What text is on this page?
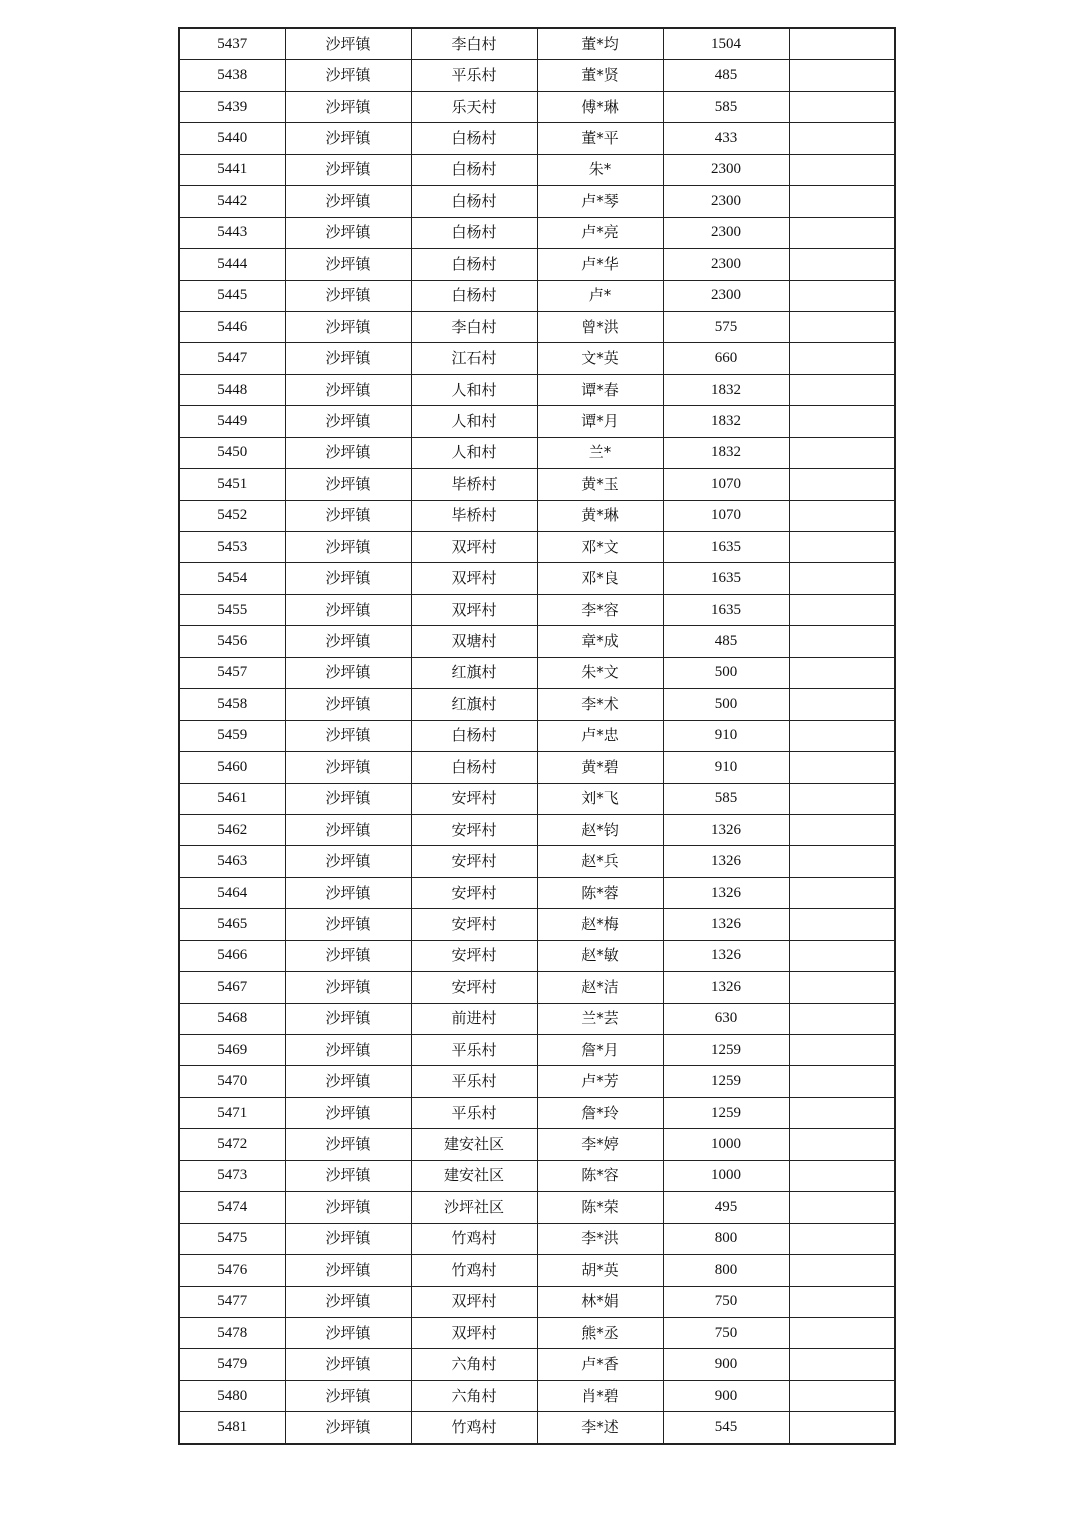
5437	沙坪镇	李白村	董*均	1504	
5438	沙坪镇	平乐村	董*贤	485	
5439	沙坪镇	乐天村	傅*琳	585	
5440	沙坪镇	白杨村	董*平	433	
5441	沙坪镇	白杨村	朱*	2300	
5442	沙坪镇	白杨村	卢*琴	2300	
5443	沙坪镇	白杨村	卢*亮	2300	
5444	沙坪镇	白杨村	卢*华	2300	
5445	沙坪镇	白杨村	卢*	2300	
5446	沙坪镇	李白村	曾*洪	575	
5447	沙坪镇	江石村	文*英	660	
5448	沙坪镇	人和村	谭*春	1832	
5449	沙坪镇	人和村	谭*月	1832	
5450	沙坪镇	人和村	兰*	1832	
5451	沙坪镇	毕桥村	黄*玉	1070	
5452	沙坪镇	毕桥村	黄*琳	1070	
5453	沙坪镇	双坪村	邓*文	1635	
5454	沙坪镇	双坪村	邓*良	1635	
5455	沙坪镇	双坪村	李*容	1635	
5456	沙坪镇	双塘村	章*成	485	
5457	沙坪镇	红旗村	朱*文	500	
5458	沙坪镇	红旗村	李*术	500	
5459	沙坪镇	白杨村	卢*忠	910	
5460	沙坪镇	白杨村	黄*碧	910	
5461	沙坪镇	安坪村	刘*飞	585	
5462	沙坪镇	安坪村	赵*钧	1326	
5463	沙坪镇	安坪村	赵*兵	1326	
5464	沙坪镇	安坪村	陈*蓉	1326	
5465	沙坪镇	安坪村	赵*梅	1326	
5466	沙坪镇	安坪村	赵*敏	1326	
5467	沙坪镇	安坪村	赵*洁	1326	
5468	沙坪镇	前进村	兰*芸	630	
5469	沙坪镇	平乐村	詹*月	1259	
5470	沙坪镇	平乐村	卢*芳	1259	
5471	沙坪镇	平乐村	詹*玲	1259	
5472	沙坪镇	建安社区	李*婷	1000	
5473	沙坪镇	建安社区	陈*容	1000	
5474	沙坪镇	沙坪社区	陈*荣	495	
5475	沙坪镇	竹鸡村	李*洪	800	
5476	沙坪镇	竹鸡村	胡*英	800	
5477	沙坪镇	双坪村	林*娟	750	
5478	沙坪镇	双坪村	熊*丞	750	
5479	沙坪镇	六角村	卢*香	900	
5480	沙坪镇	六角村	肖*碧	900	
5481	沙坪镇	竹鸡村	李*述	545	
